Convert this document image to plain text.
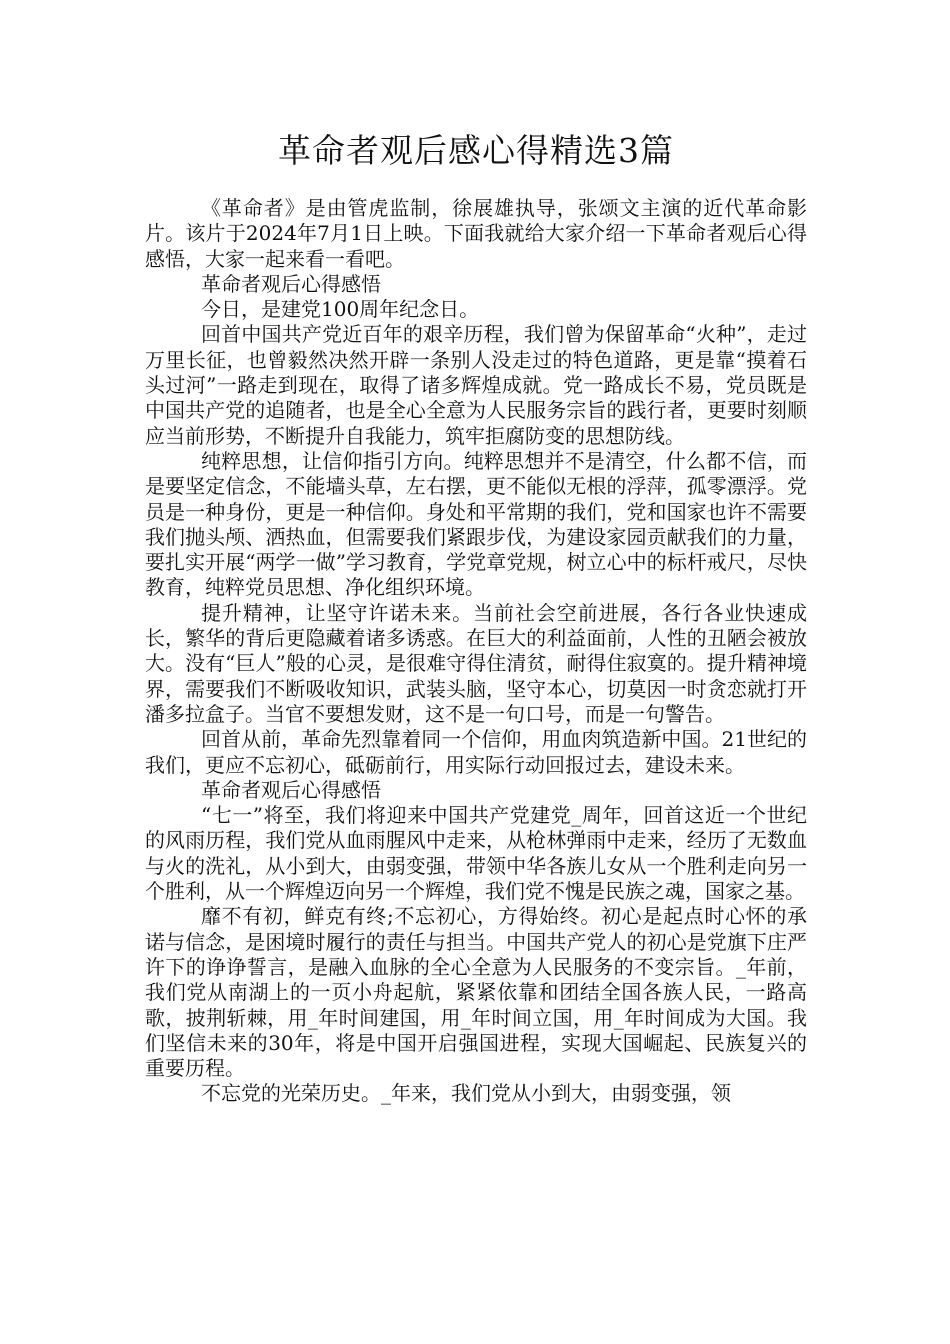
革命者观后感心得精选3篇

《革命者》是由管虎监制，徐展雄执导，张颂文主演的近代革命影片。该片于2024年7月1日上映。下面我就给大家介绍一下革命者观后心得感悟，大家一起来看一看吧。

革命者观后心得感悟

今日，是建党100周年纪念日。

回首中国共产党近百年的艰辛历程，我们曾为保留革命“火种”，走过万里长征，也曾毅然决然开辟一条别人没走过的特色道路，更是靠“摸着石头过河”一路走到现在，取得了诸多辉煌成就。党一路成长不易，党员既是中国共产党的追随者，也是全心全意为人民服务宗旨的践行者，更要时刻顺应当前形势，不断提升自我能力，筑牢拒腐防变的思想防线。

纯粹思想，让信仰指引方向。纯粹思想并不是清空，什么都不信，而是要坚定信念，不能墙头草，左右摆，更不能似无根的浮萍，孤零漂浮。党员是一种身份，更是一种信仰。身处和平常期的我们，党和国家也许不需要我们抛头颅、洒热血，但需要我们紧跟步伐，为建设家园贡献我们的力量，要扎实开展“两学一做”学习教育，学党章党规，树立心中的标杆戒尺，尽快教育，纯粹党员思想、净化组织环境。

提升精神，让坚守许诺未来。当前社会空前进展，各行各业快速成长，繁华的背后更隐藏着诸多诱惑。在巨大的利益面前，人性的丑陋会被放大。没有“巨人”般的心灵，是很难守得住清贫，耐得住寂寞的。提升精神境界，需要我们不断吸收知识，武装头脑，坚守本心，切莫因一时贪恋就打开潘多拉盒子。当官不要想发财，这不是一句口号，而是一句警告。

回首从前，革命先烈靠着同一个信仰，用血肉筑造新中国。21世纪的我们，更应不忘初心，砥砺前行，用实际行动回报过去，建设未来。

革命者观后心得感悟

“七一”将至，我们将迎来中国共产党建党_周年，回首这近一个世纪的风雨历程，我们党从血雨腥风中走来，从枪林弹雨中走来，经历了无数血与火的洗礼，从小到大，由弱变强，带领中华各族儿女从一个胜利走向另一个胜利，从一个辉煌迈向另一个辉煌，我们党不愧是民族之魂，国家之基。

靡不有初，鲜克有终;不忘初心，方得始终。初心是起点时心怀的承诺与信念，是困境时履行的责任与担当。中国共产党人的初心是党旗下庄严许下的诤诤誓言，是融入血脉的全心全意为人民服务的不变宗旨。_年前，我们党从南湖上的一页小舟起航，紧紧依靠和团结全国各族人民，一路高歌，披荆斩棘，用_年时间建国，用_年时间立国，用_年时间成为大国。我们坚信未来的30年，将是中国开启强国进程，实现大国崛起、民族复兴的重要历程。

不忘党的光荣历史。_年来，我们党从小到大，由弱变强，领
